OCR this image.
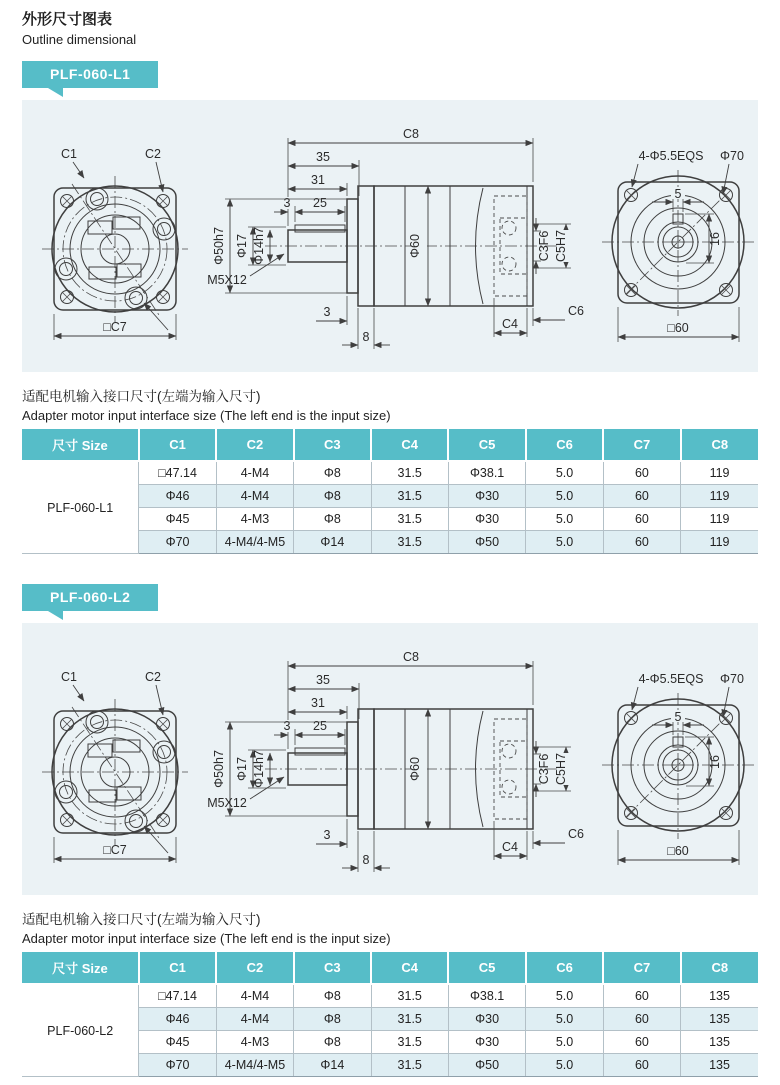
外形尺寸图表
Outline dimensional
PLF-060-L1
C1	C2
□C7
C8
35
31
3 25
Φ50h7 Φ17 Φ14h7
M5X12
Φ60	C3F6 C5H7
C6
C4
3
8
4-Φ5.5EQS Φ70
5
16
□60

适配电机输入接口尺寸(左端为输入尺寸)

Adapter motor input interface size (The left end is the input size)

尺寸 Size	C1	C2	C3	C4	C5	C6	C7	C8
PLF-060-L1	□47.14	4-M4	Φ8	31.5	Φ38.1	5.0	60	119
	Φ46	4-M4	Φ8	31.5	Φ30	5.0	60	119
	Φ45	4-M3	Φ8	31.5	Φ30	5.0	60	119
	Φ70	4-M4/4-M5	Φ14	31.5	Φ50	5.0	60	119
PLF-060-L2
C1	C2
□C7
C8
35
31
3 25
Φ50h7 Φ17 Φ14h7
M5X12
Φ60	C3F6 C5H7
C6
C4
3
8
4-Φ5.5EQS Φ70
5
16
□60

适配电机输入接口尺寸(左端为输入尺寸)

Adapter motor input interface size (The left end is the input size)

尺寸 Size	C1	C2	C3	C4	C5	C6	C7	C8
PLF-060-L2	□47.14	4-M4	Φ8	31.5	Φ38.1	5.0	60	135
	Φ46	4-M4	Φ8	31.5	Φ30	5.0	60	135
	Φ45	4-M3	Φ8	31.5	Φ30	5.0	60	135
	Φ70	4-M4/4-M5	Φ14	31.5	Φ50	5.0	60	135
